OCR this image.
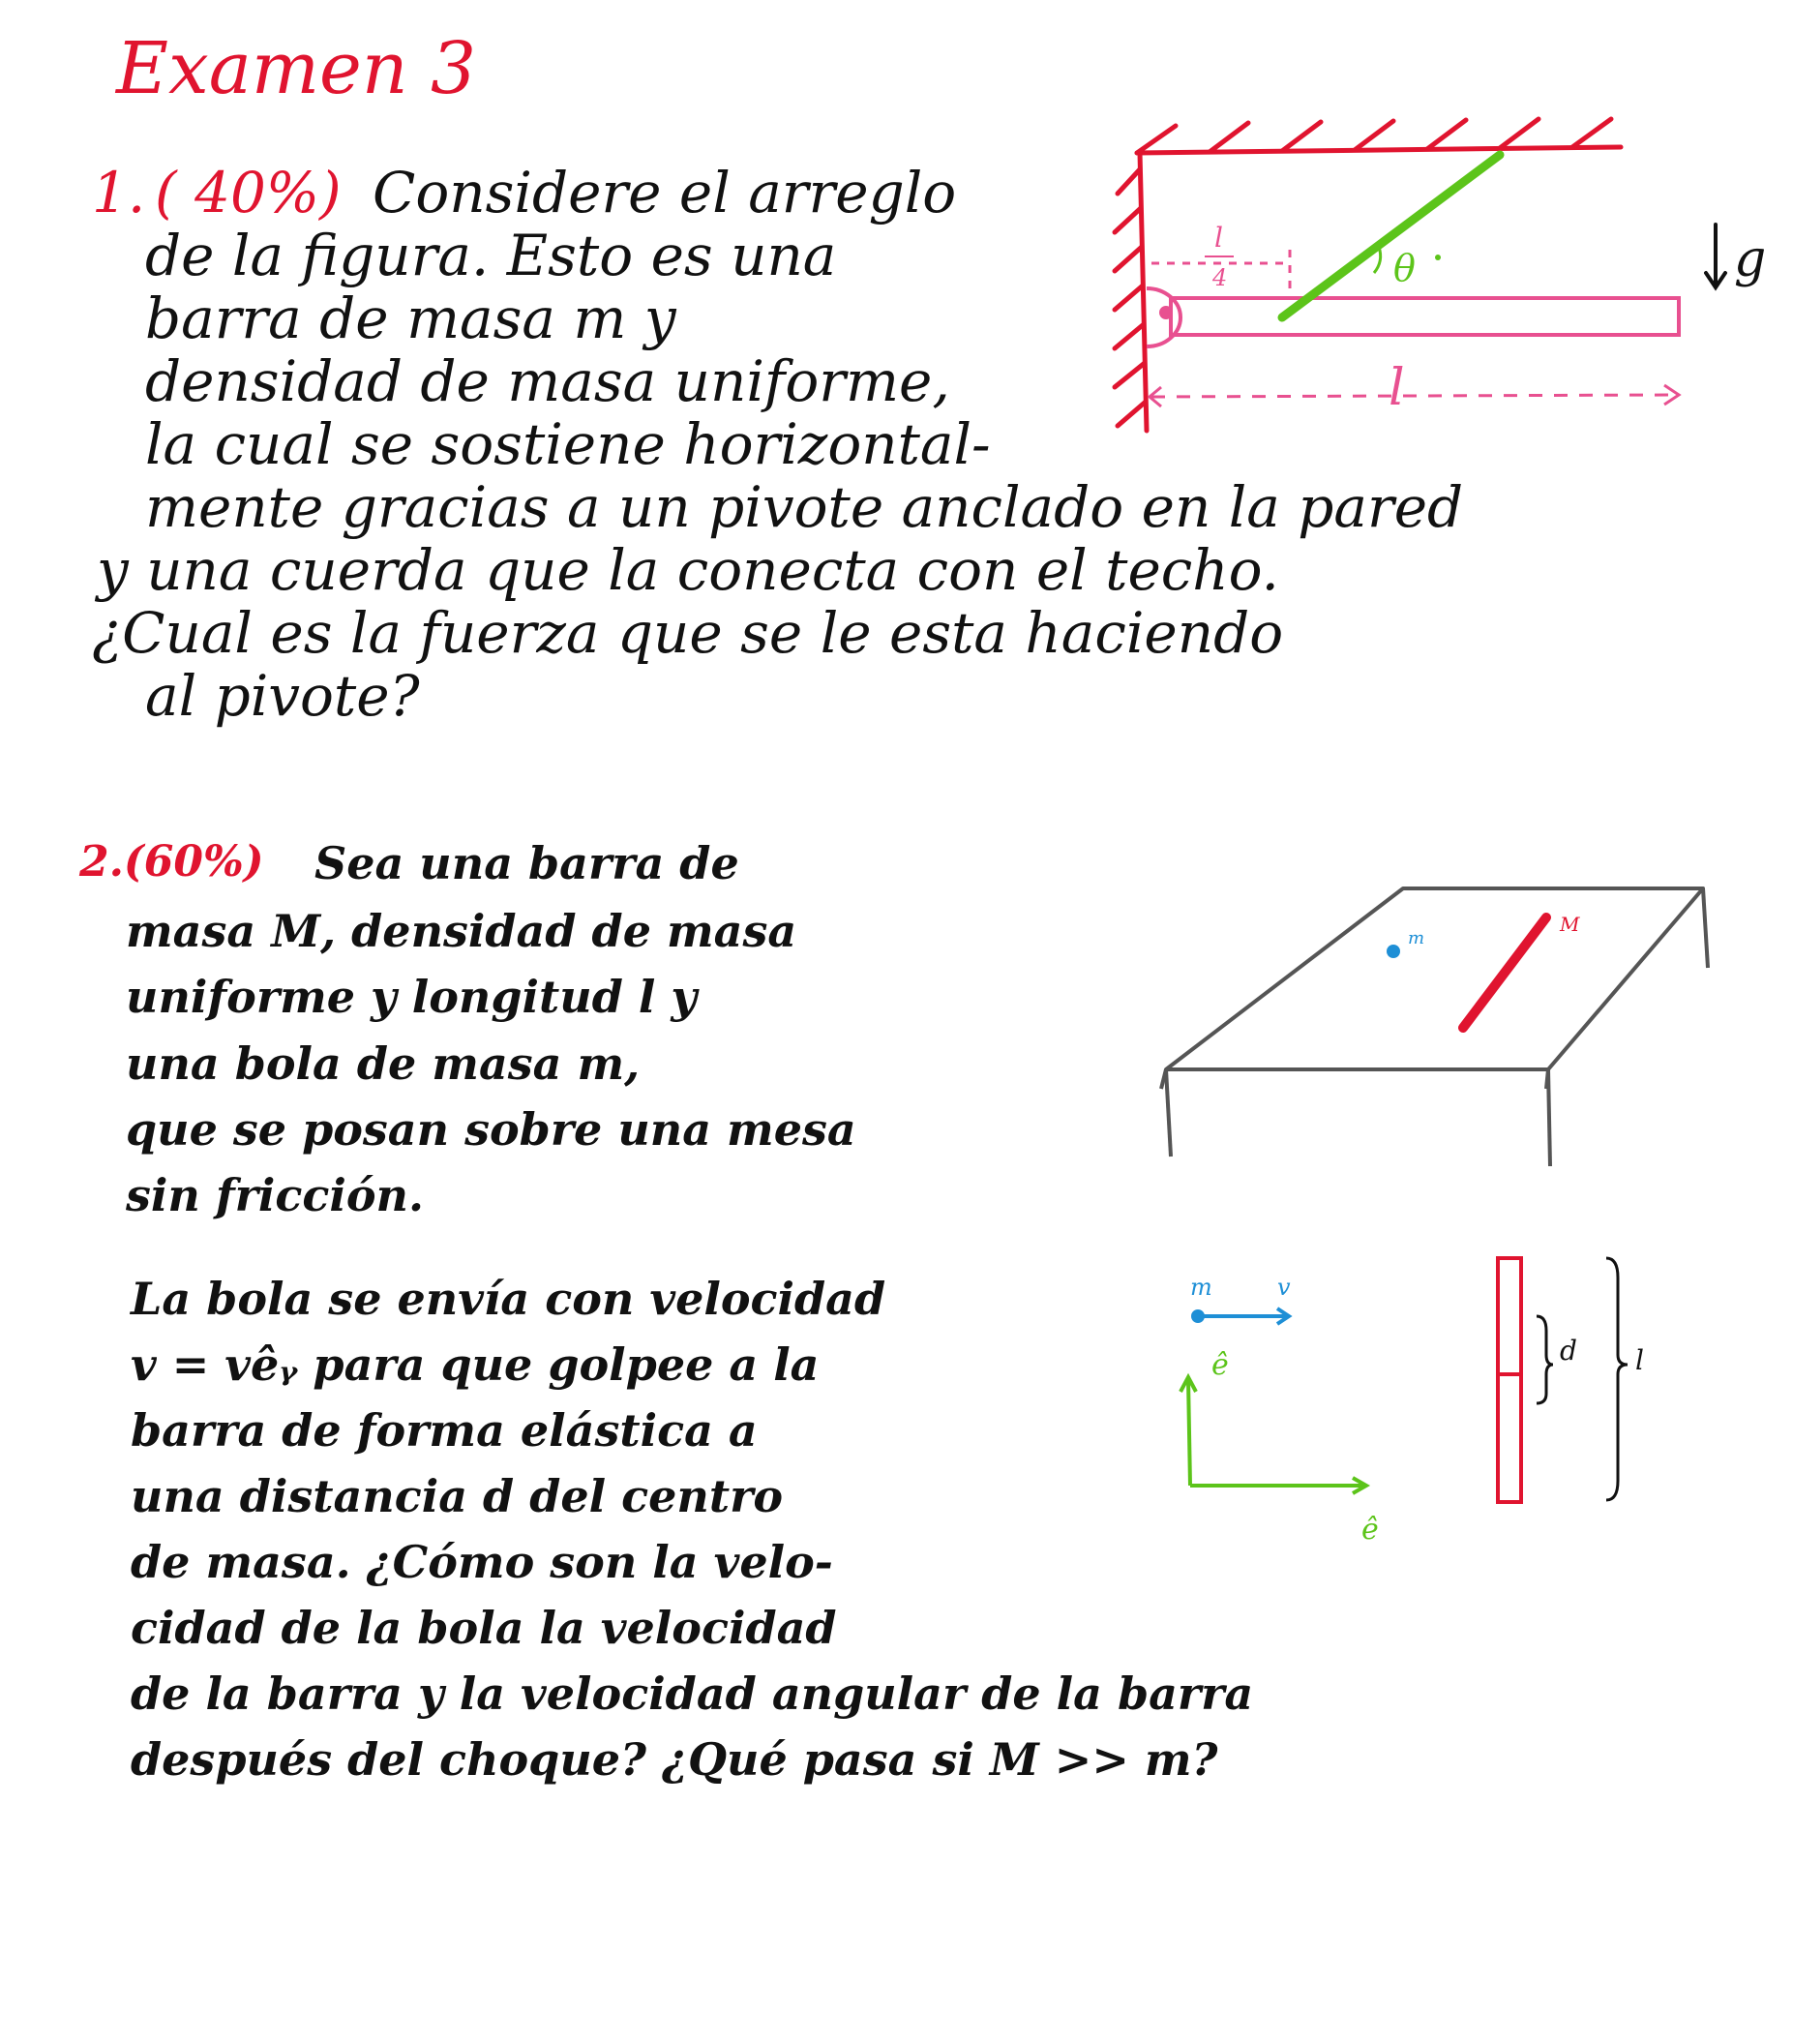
Examen 3
1. ( 40%) Considere el arreglo
de la figura. Esto es una
barra de masa m y
densidad de masa uniforme,
la cual se sostiene horizontal-
mente gracias a un pivote anclado en la pared
y una cuerda que la conecta con el techo.
¿Cual es la fuerza que se le esta haciendo
al pivote?
l
4
l
θ	g
2.(60%) Sea una barra de
masa M, densidad de masa
uniforme y longitud l y
una bola de masa m,
que se posan sobre una mesa
sin fricción.
La bola se envía con velocidad
v = vêᵧ para que golpee a la
barra de forma elástica a
una distancia d del centro
de masa. ¿Cómo son la velo-
cidad de la bola la velocidad
de la barra y la velocidad angular de la barra
después del choque? ¿Qué pasa si M >> m?
m
M
m	v
ê
ê
d l
